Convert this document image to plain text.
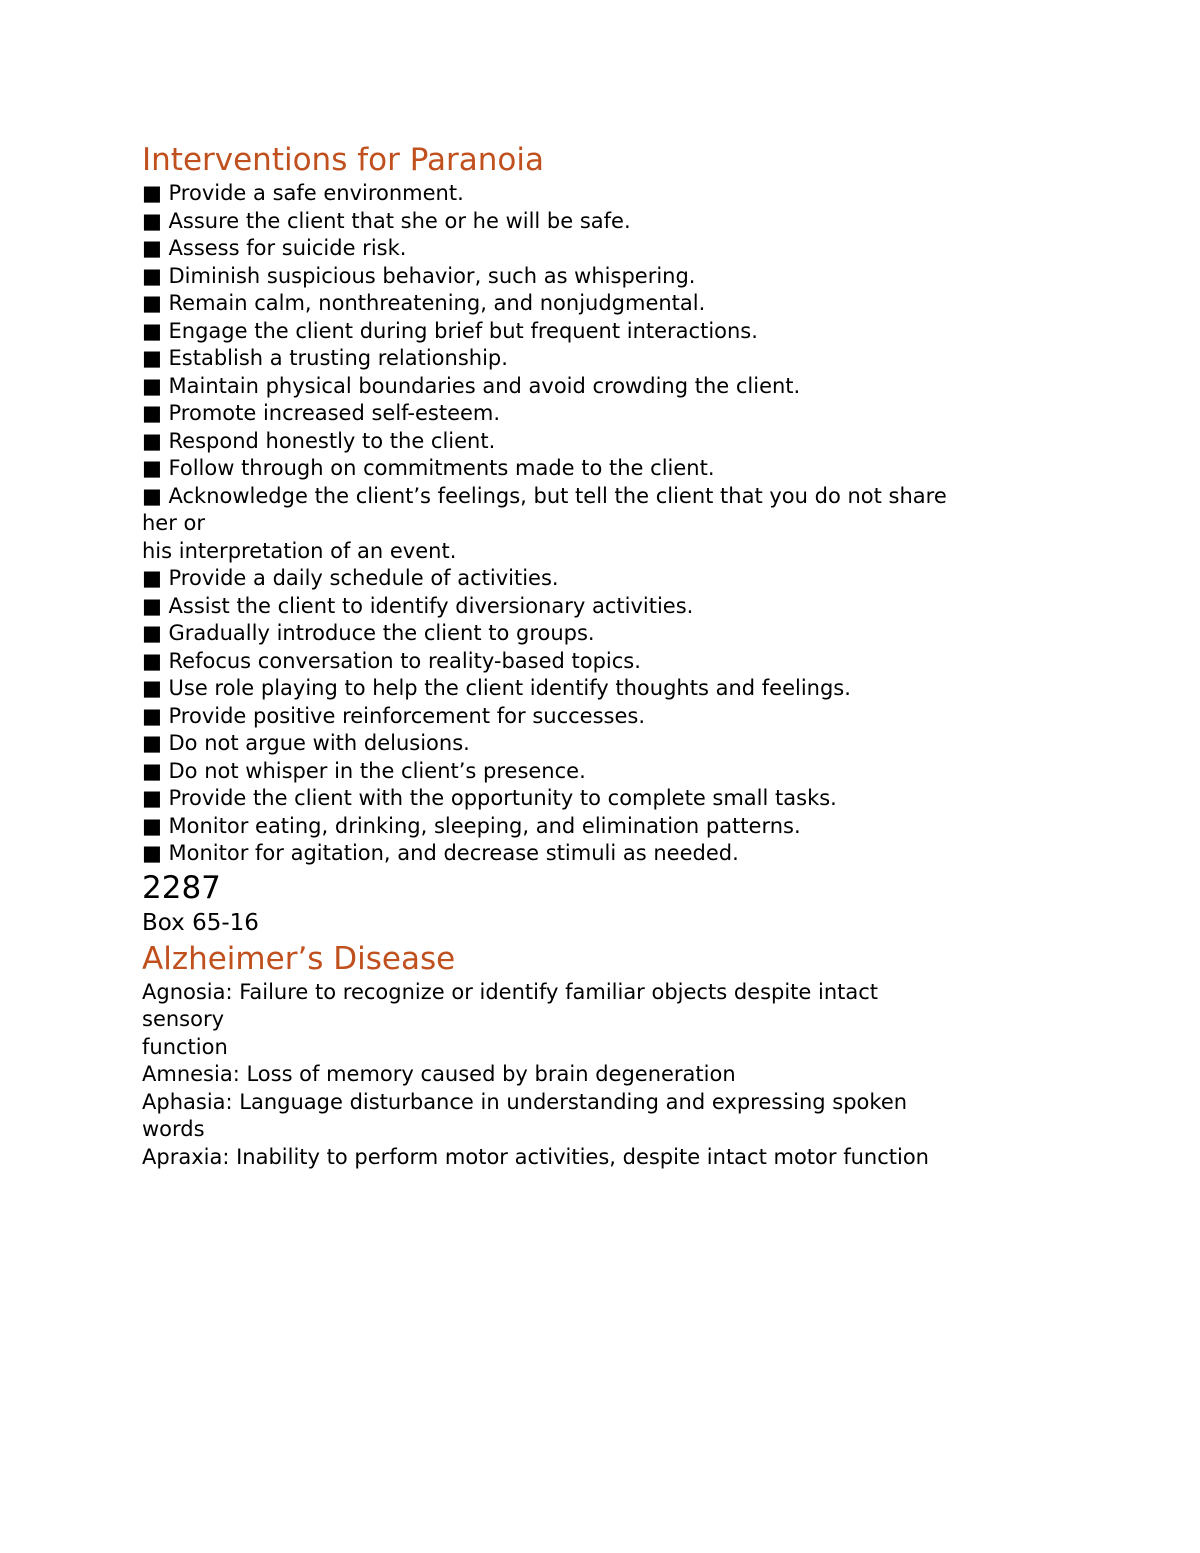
Interventions for Paranoia
■ Provide a safe environment.
■ Assure the client that she or he will be safe.
■ Assess for suicide risk.
■ Diminish suspicious behavior, such as whispering.
■ Remain calm, nonthreatening, and nonjudgmental.
■ Engage the client during brief but frequent interactions.
■ Establish a trusting relationship.
■ Maintain physical boundaries and avoid crowding the client.
■ Promote increased self-esteem.
■ Respond honestly to the client.
■ Follow through on commitments made to the client.
■ Acknowledge the client’s feelings, but tell the client that you do not share
her or
his interpretation of an event.
■ Provide a daily schedule of activities.
■ Assist the client to identify diversionary activities.
■ Gradually introduce the client to groups.
■ Refocus conversation to reality-based topics.
■ Use role playing to help the client identify thoughts and feelings.
■ Provide positive reinforcement for successes.
■ Do not argue with delusions.
■ Do not whisper in the client’s presence.
■ Provide the client with the opportunity to complete small tasks.
■ Monitor eating, drinking, sleeping, and elimination patterns.
■ Monitor for agitation, and decrease stimuli as needed.
2287
Box 65-16
Alzheimer’s Disease
Agnosia: Failure to recognize or identify familiar objects despite intact
sensory
function
Amnesia: Loss of memory caused by brain degeneration
Aphasia: Language disturbance in understanding and expressing spoken
words
Apraxia: Inability to perform motor activities, despite intact motor function
